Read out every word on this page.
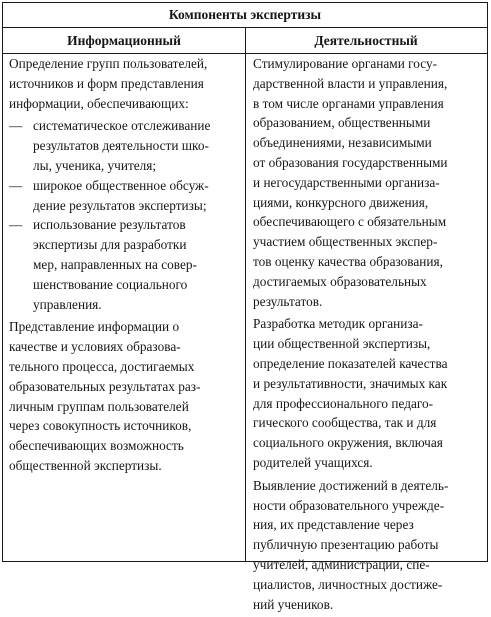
Компоненты экспертизы
Информационный	Деятельностный
Определение групп пользователей,
источников и форм представления
информации, обеспечивающих:
— систематическое отслеживание
результатов деятельности шко-
лы, ученика, учителя;
— широкое общественное обсуж-
дение результатов экспертизы;
— использование результатов
экспертизы для разработки
мер, направленных на совер-
шенствование социального
управления.
Представление информации о
качестве и условиях образова-
тельного процесса, достигаемых
образовательных результатах раз-
личным группам пользователей
через совокупность источников,
обеспечивающих возможность
общественной экспертизы.
Стимулирование органами госу-
дарственной власти и управления,
в том числе органами управления
образованием, общественными
объединениями, независимыми
от образования государственными
и негосударственными организа-
циями, конкурсного движения,
обеспечивающего с обязательным
участием общественных экспер-
тов оценку качества образования,
достигаемых образовательных
результатов.
Разработка методик организа-
ции общественной экспертизы,
определение показателей качества
и результативности, значимых как
для профессионального педаго-
гического сообщества, так и для
социального окружения, включая
родителей учащихся.
Выявление достижений в деятель-
ности образовательного учрежде-
ния, их представление через
публичную презентацию работы
учителей, администрации, спе-
циалистов, личностных достиже-
ний учеников.
